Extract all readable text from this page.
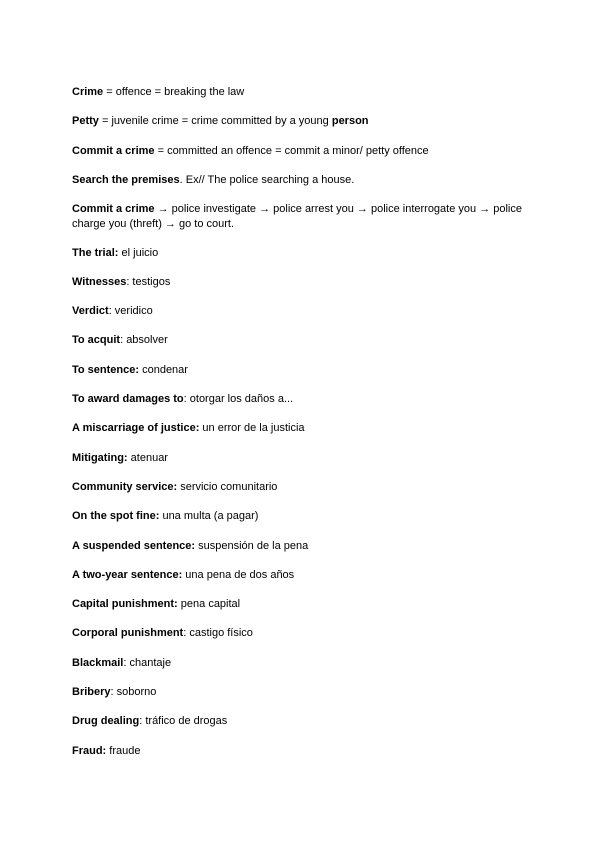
Crime = offence = breaking the law

Petty = juvenile crime = crime committed by a young person

Commit a crime = committed an offence = commit a minor/ petty offence

Search the premises. Ex// The police searching a house.

Commit a crime → police investigate → police arrest you → police interrogate you → police charge you (threft) → go to court.

The trial: el juicio

Witnesses: testigos

Verdict: veridico

To acquit: absolver

To sentence: condenar

To award damages to: otorgar los daños a...

A miscarriage of justice: un error de la justicia

Mitigating: atenuar

Community service: servicio comunitario

On the spot fine: una multa (a pagar)

A suspended sentence: suspensión de la pena

A two-year sentence: una pena de dos años

Capital punishment: pena capital

Corporal punishment: castigo físico

Blackmail: chantaje

Bribery: soborno

Drug dealing: tráfico de drogas

Fraud: fraude
